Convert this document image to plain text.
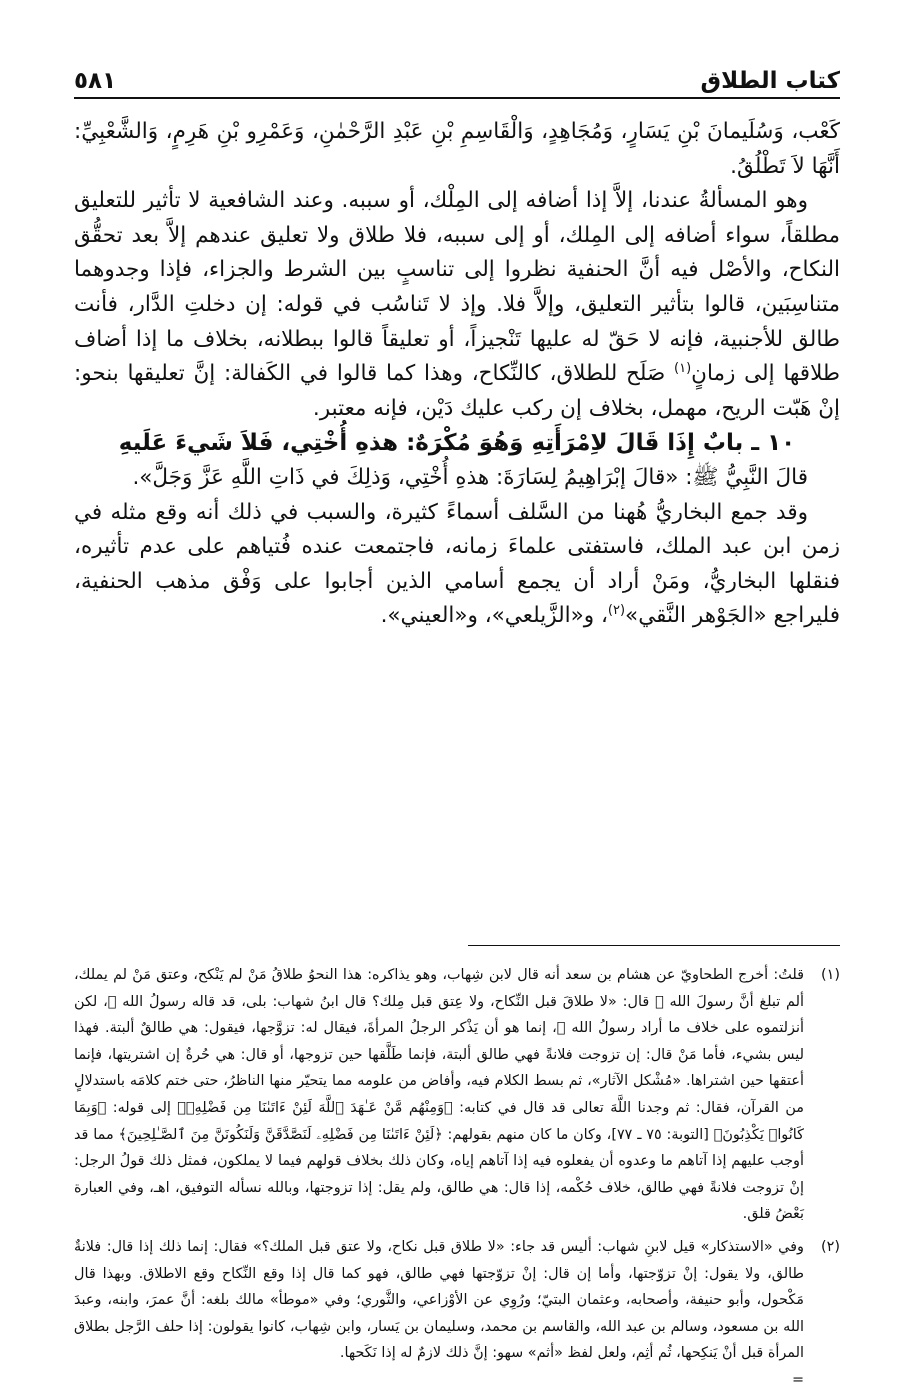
كتاب الطلاق
٥٨١

كَعْب، وَسُلَيمانَ بْنِ يَسَارٍ، وَمُجَاهِدٍ، وَالْقَاسِمِ بْنِ عَبْدِ الرَّحْمٰنِ، وَعَمْرِو بْنِ هَرِمٍ، وَالشَّعْبِيِّ: أَنَّهَا لاَ تَطْلُقُ.

وهو المسألةُ عندنا، إلاَّ إذا أضافه إلى المِلْك، أو سببه. وعند الشافعية لا تأثير للتعليق مطلقاً، سواء أضافه إلى المِلك، أو إلى سببه، فلا طلاق ولا تعليق عندهم إلاَّ بعد تحقُّق النكاح، والأصْل فيه أنَّ الحنفية نظروا إلى تناسبٍ بين الشرط والجزاء، فإذا وجدوهما متناسِبَين، قالوا بتأثير التعليق، وإلاَّ فلا. وإذ لا تَناسُب في قوله: إن دخلتِ الدَّار، فأنت طالق للأجنبية، فإنه لا حَقّ له عليها تَنْجيزاً، أو تعليقاً قالوا ببطلانه، بخلاف ما إذا أضاف طلاقها إلى زمانٍ$^{(١)}$ صَلَح للطلاق، كالنِّكاح، وهذا كما قالوا في الكَفالة: إنَّ تعليقها بنحو: إنْ هَبّت الريح، مهمل، بخلاف إن ركب عليك دَيْن، فإنه معتبر.

١٠ ـ بابٌ إِذَا قَالَ لاِمْرَأَتِهِ وَهُوَ مُكْرَهٌ: هذهِ أُخْتِي، فَلاَ شَيءَ عَلَيهِ

قالَ النَّبِيُّ ﷺ: «قالَ إبْرَاهِيمُ لِسَارَةَ: هذهِ أُخْتِي، وَذلِكَ في ذَاتِ اللَّهِ عَزَّ وَجَلَّ».

وقد جمع البخاريُّ هُهنا من السَّلف أسماءً كثيرة، والسبب في ذلك أنه وقع مثله في زمن ابن عبد الملك، فاستفتى علماءَ زمانه، فاجتمعت عنده فُتياهم على عدم تأثيره، فنقلها البخاريُّ، ومَنْ أراد أن يجمع أسامي الذين أجابوا على وَفْق مذهب الحنفية، فليراجع «الجَوْهر النَّقي»$^{(٢)}$، و«الزَّيلعي»، و«العيني».

(١)

قلتُ: أخرج الطحاويّ عن هشام بن سعد أنه قال لابن شِهاب، وهو يذاكره: هذا النحوُ طلاقُ مَنْ لم يَنْكح، وعتق مَنْ لم يملك، ألم تبلغ أنَّ رسولَ الله ﷺ قال: «لا طلاقَ قبل النِّكاح، ولا عِتق قبل مِلك؟ قال ابنُ شهاب: بلى، قد قاله رسولُ الله ﷺ، لكن أنزلتموه على خلاف ما أراد رسولُ الله ﷺ، إنما هو أن يَذْكر الرجلُ المرأةَ، فيقال له: تزوَّجها، فيقول: هي طالقٌ ألبتة. فهذا ليس بشيء، فأما مَنْ قال: إن تزوجت فلانةً فهي طالق ألبتة، فإنما طَلَّقها حين تزوجها، أو قال: هي حُرةٌ إن اشتريتها، فإنما أعتقها حين اشتراها. «مُشْكل الآثار»، ثم بسط الكلام فيه، وأفاض من علومه مما يتحيّر منها الناظرُ، حتى ختم كلامَه باستدلالٍ من القرآن، فقال: ثم وجدنا اللَّهَ تعالى قد قال في كتابه: ﴿وَمِنْهُم مَّنْ عَـٰهَدَ ٱللَّهَ لَئِنْ ءَاتَىٰنَا مِن فَضْلِهِۦ﴾ إلى قوله: ﴿وَبِمَا كَانُوا۟ يَكْذِبُونَ﴾ [التوبة: ٧٥ ـ ٧٧]، وكان ما كان منهم بقولهم: ﴿لَئِنْ ءَاتَىٰنَا مِن فَضْلِهِۦ لَنَصَّدَّقَنَّ وَلَنَكُونَنَّ مِنَ ٱلصَّـٰلِحِينَ﴾ مما قد أوجب عليهم إذا آتاهم ما وعدوه أن يفعلوه فيه إذا آتاهم إياه، وكان ذلك بخلاف قولهم فيما لا يملكون، فمثل ذلك قولُ الرجل: إنْ تزوجت فلانةً فهي طالق، خلاف حُكْمه، إذا قال: هي طالق، ولم يقل: إذا تزوجتها، وبالله نسأله التوفيق، اهـ، وفي العبارة بَعْضُ قلق.

(٢)

وفي «الاستذكار» قيل لابنِ شهاب: أليس قد جاء: «لا طلاق قبل نكاح، ولا عتق قبل الملك؟» فقال: إنما ذلك إذا قال: فلانةٌ طالق، ولا يقول: إنْ تزوّجتها، وأما إن قال: إنْ تزوّجتها فهي طالق، فهو كما قال إذا وقع النِّكاح وقع الاطلاق. وبهذا قال مَكْحول، وأبو حنيفة، وأصحابه، وعثمان البتيّ؛ ورُوِي عن الأوْزاعي، والثَّوري؛ وفي «موطأ» مالك بلغه: أنَّ عمرَ، وابنه، وعبدَ الله بن مسعود، وسالم بن عبد الله، والقاسم بن محمد، وسليمان بن يَسار، وابن شِهاب، كانوا يقولون: إذا حلف الرَّجل بطلاق المرأة قبل أنْ يَنكِحها، ثُم أثِم، ولعل لفظ «أثم» سهو: إنَّ ذلك لازمٌ له إذا نَكَحها.

=
